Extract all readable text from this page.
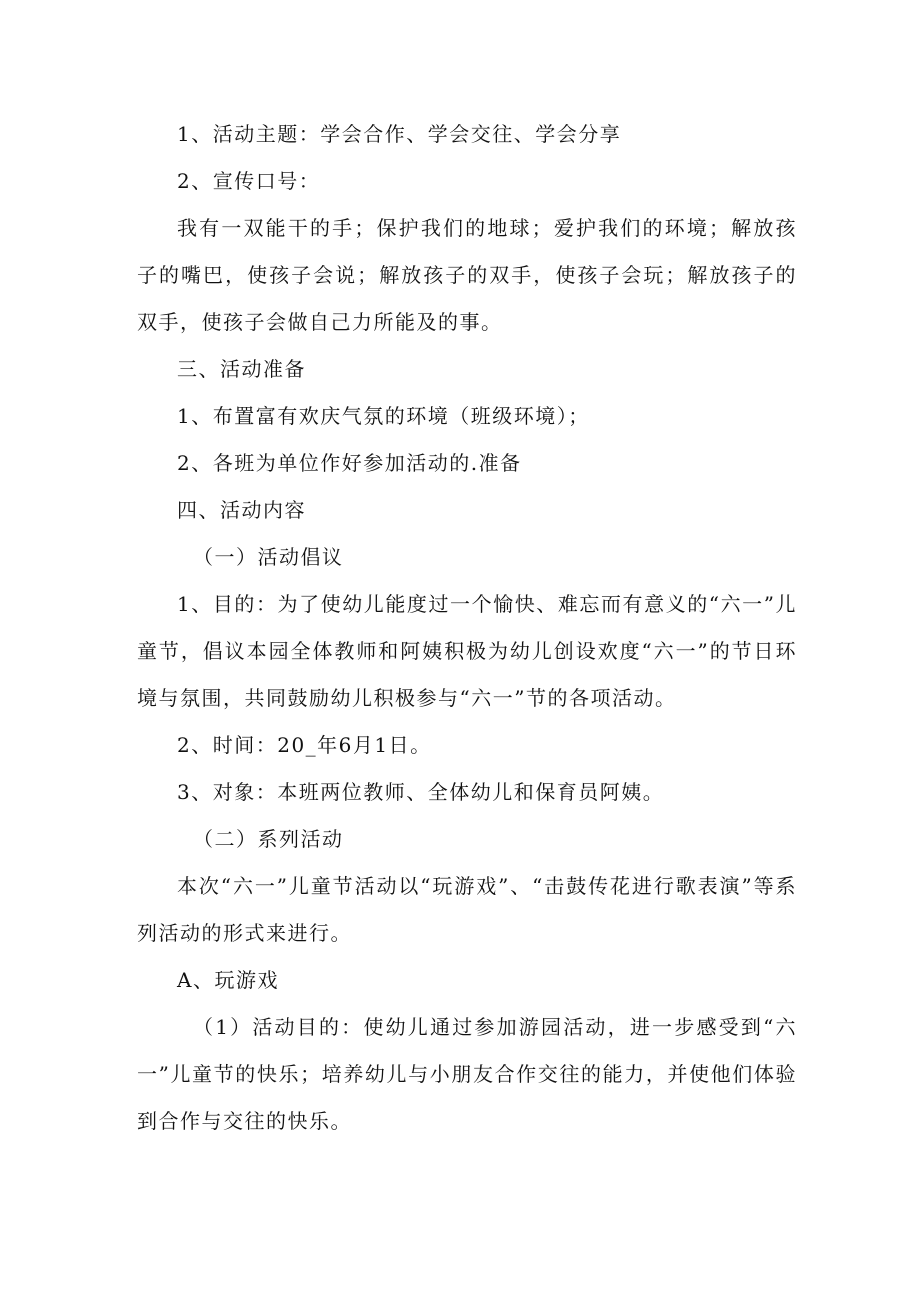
1、活动主题：学会合作、学会交往、学会分享

2、宣传口号：

我有一双能干的手；保护我们的地球；爱护我们的环境；解放孩子的嘴巴，使孩子会说；解放孩子的双手，使孩子会玩；解放孩子的双手，使孩子会做自己力所能及的事。

三、活动准备

1、布置富有欢庆气氛的环境（班级环境）；

2、各班为单位作好参加活动的.准备

四、活动内容

（一）活动倡议

1、目的：为了使幼儿能度过一个愉快、难忘而有意义的“六一”儿童节，倡议本园全体教师和阿姨积极为幼儿创设欢度“六一”的节日环境与氛围，共同鼓励幼儿积极参与“六一”节的各项活动。

2、时间：20_年6月1日。

3、对象：本班两位教师、全体幼儿和保育员阿姨。

（二）系列活动

本次“六一”儿童节活动以“玩游戏”、“击鼓传花进行歌表演”等系列活动的形式来进行。

A、玩游戏

（1）活动目的：使幼儿通过参加游园活动，进一步感受到“六一”儿童节的快乐；培养幼儿与小朋友合作交往的能力，并使他们体验到合作与交往的快乐。
